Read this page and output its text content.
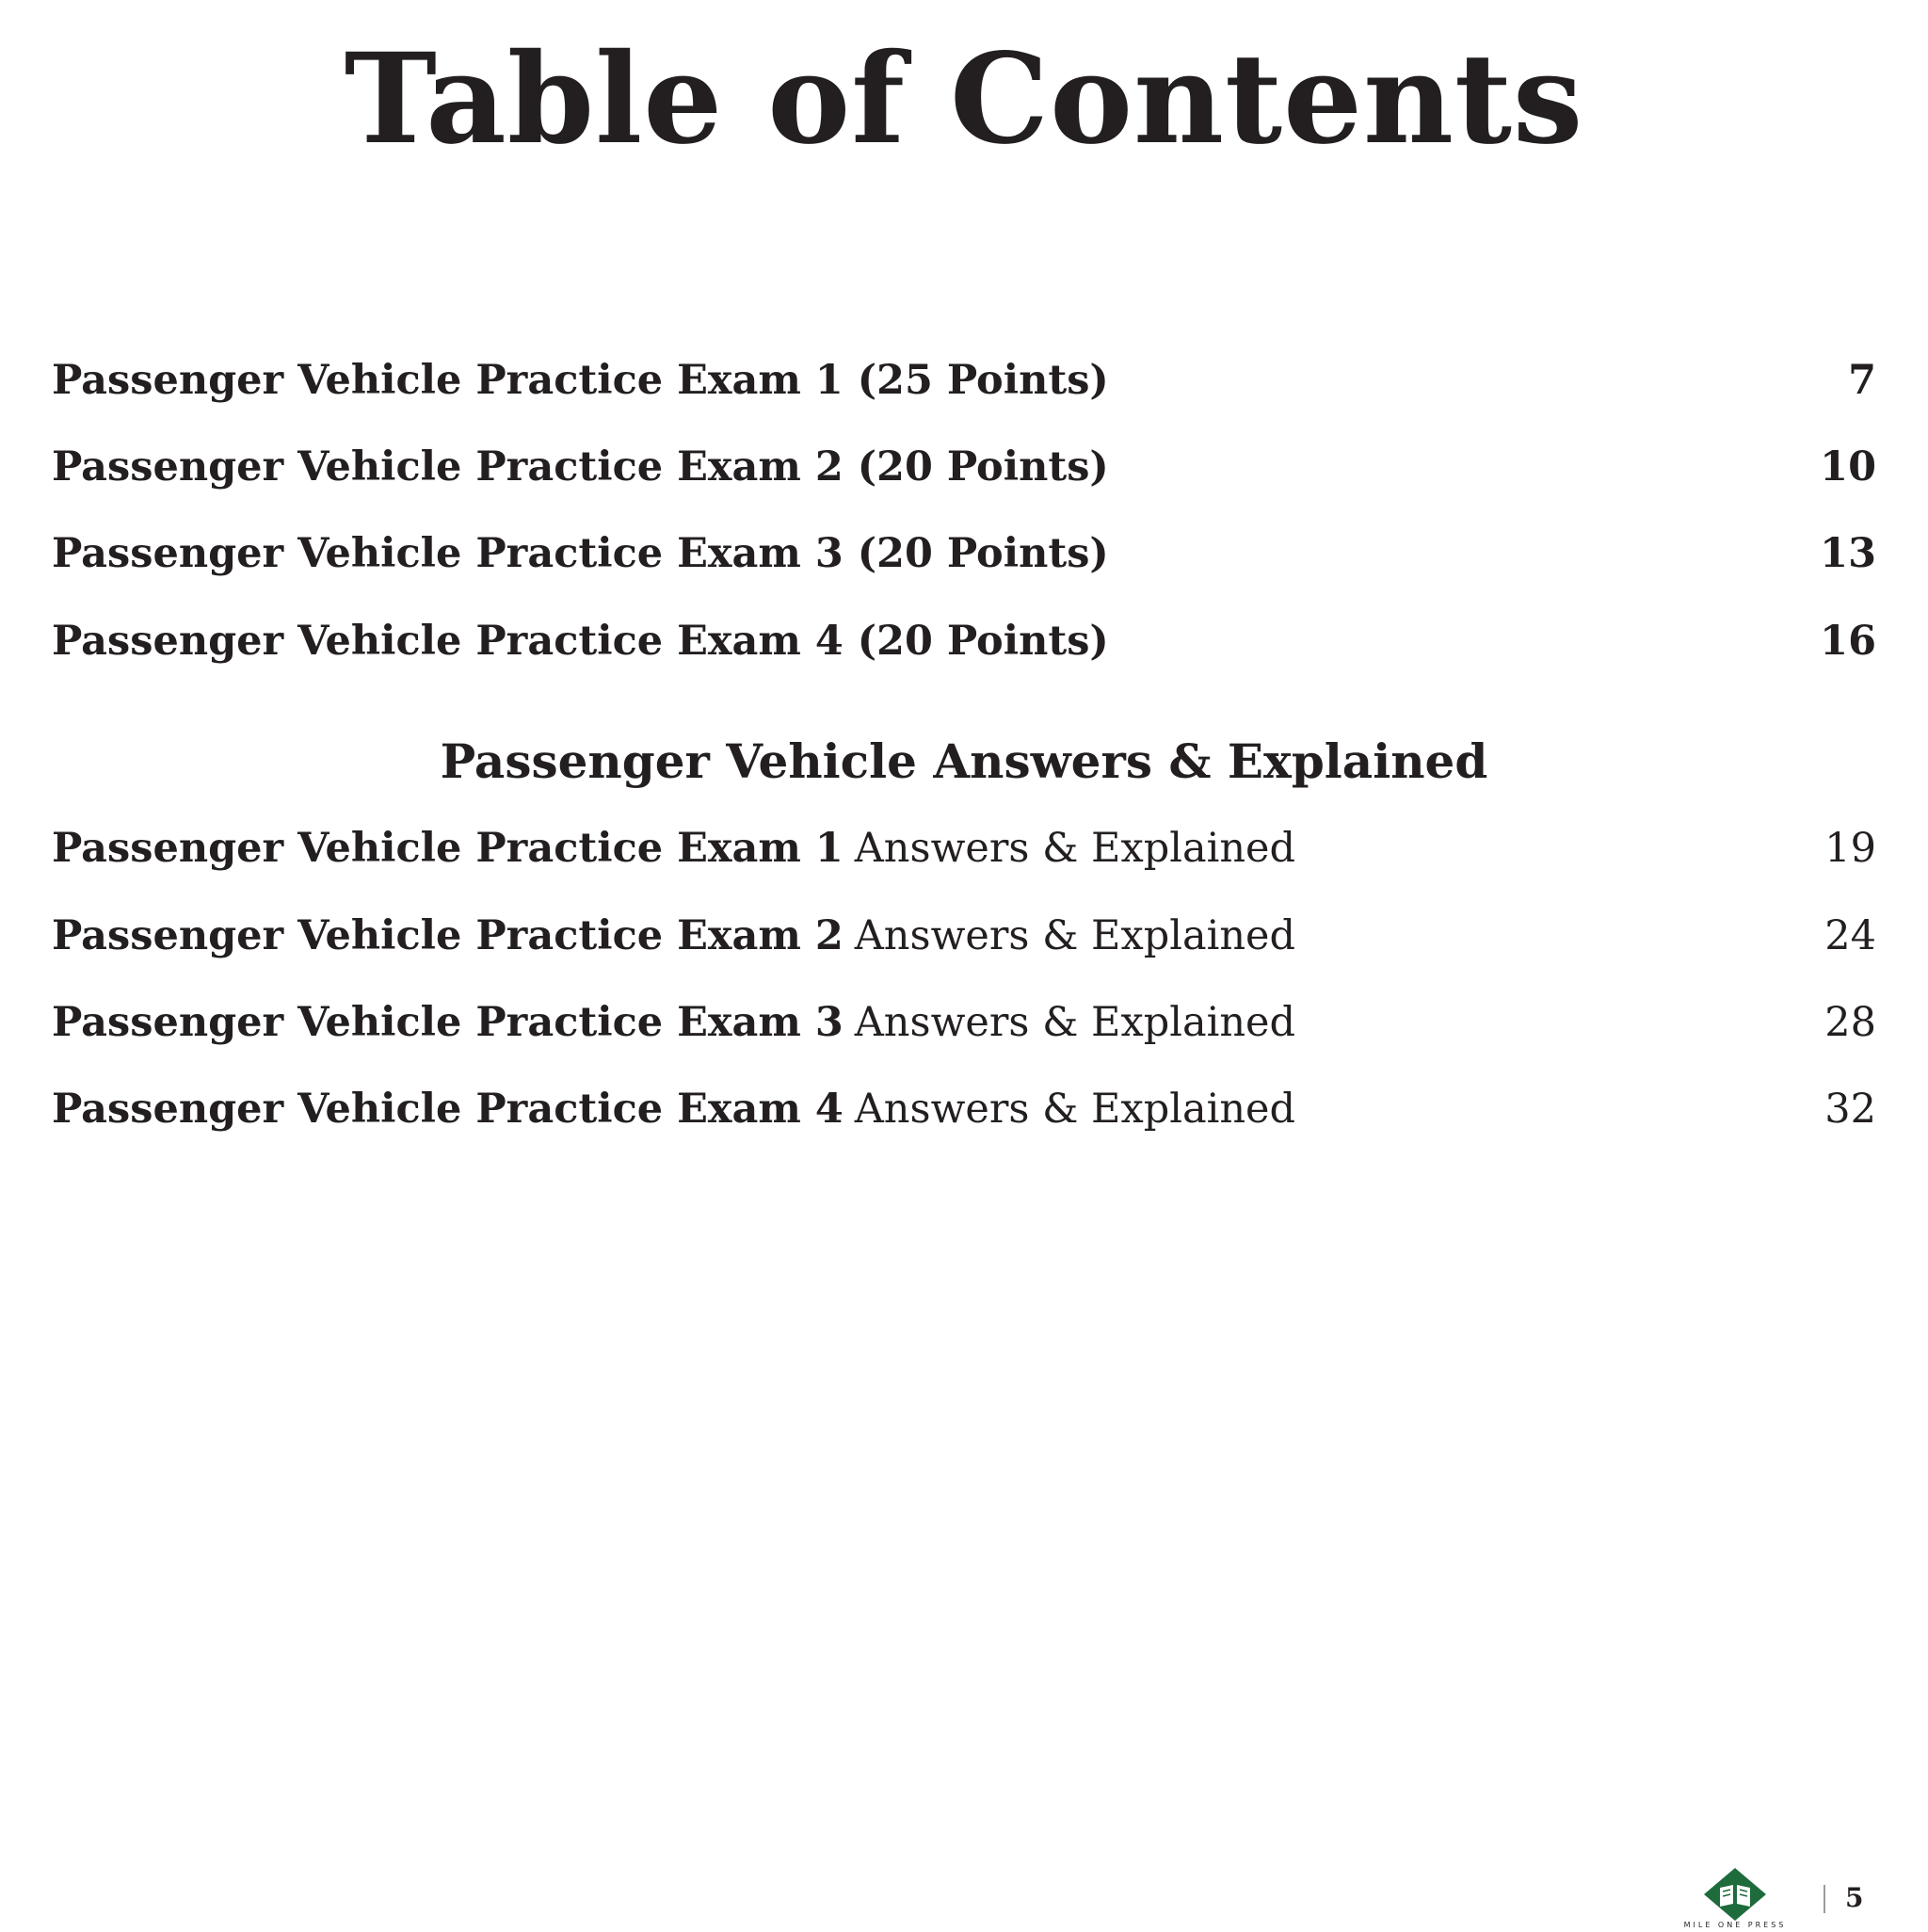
Table of Contents
Passenger Vehicle Practice Exam 1 (25 Points)	7
Passenger Vehicle Practice Exam 2 (20 Points)	10
Passenger Vehicle Practice Exam 3 (20 Points)	13
Passenger Vehicle Practice Exam 4 (20 Points)	16
Passenger Vehicle Answers & Explained
Passenger Vehicle Practice Exam 1 Answers & Explained	19
Passenger Vehicle Practice Exam 2 Answers & Explained	24
Passenger Vehicle Practice Exam 3 Answers & Explained	28
Passenger Vehicle Practice Exam 4 Answers & Explained	32
MILE ONE PRESS
5
